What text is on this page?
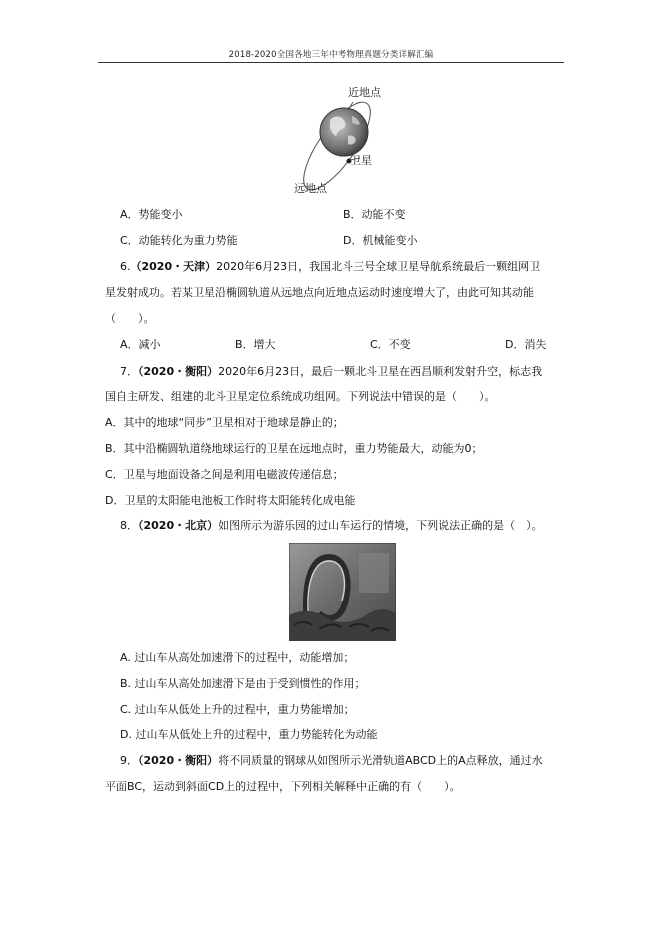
2018-2020全国各地三年中考物理真题分类详解汇编
近地点
卫星
远地点
A．势能变小	B．动能不变
C．动能转化为重力势能	D．机械能变小
6.（2020・天津）2020年6月23日，我国北斗三号全球卫星导航系统最后一颗组网卫
星发射成功。若某卫星沿椭圆轨道从远地点向近地点运动时速度增大了，由此可知其动能
（　　）。
A．减小	B．增大	C．不变	D．消失
7．（2020・衡阳）2020年6月23日，最后一颗北斗卫星在西昌顺利发射升空，标志我
国自主研发、组建的北斗卫星定位系统成功组网。下列说法中错误的是（　　）。
A．其中的地球“同步”卫星相对于地球是静止的；
B．其中沿椭圆轨道绕地球运行的卫星在远地点时，重力势能最大，动能为0；
C．卫星与地面设备之间是利用电磁波传递信息；
D．卫星的太阳能电池板工作时将太阳能转化成电能
8．（2020・北京）如图所示为游乐园的过山车运行的情境，下列说法正确的是（　）。
A. 过山车从高处加速滑下的过程中，动能增加；
B. 过山车从高处加速滑下是由于受到惯性的作用；
C. 过山车从低处上升的过程中，重力势能增加；
D. 过山车从低处上升的过程中，重力势能转化为动能
9．（2020・衡阳）将不同质量的钢球从如图所示光滑轨道ABCD上的A点释放，通过水
平面BC，运动到斜面CD上的过程中，下列相关解释中正确的有（　　）。
